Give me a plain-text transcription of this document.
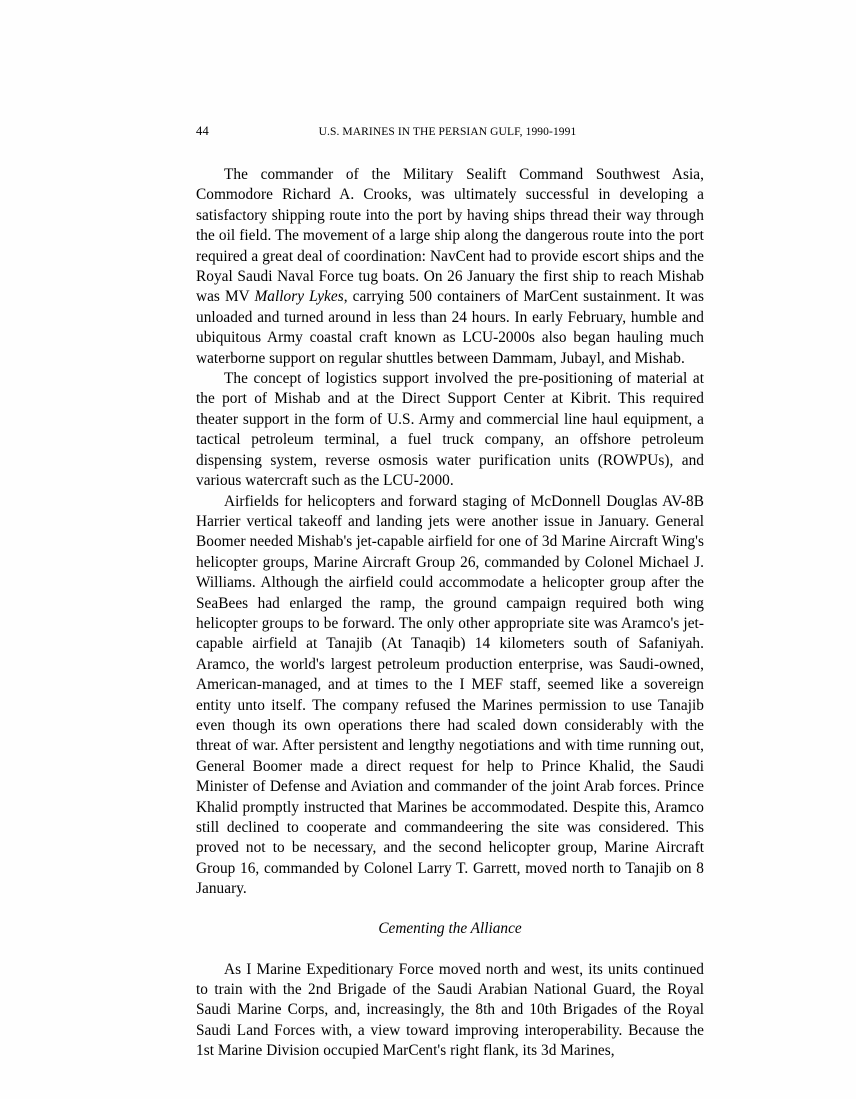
44	U.S. MARINES IN THE PERSIAN GULF, 1990-1991

The commander of the Military Sealift Command Southwest Asia, Commodore Richard A. Crooks, was ultimately successful in developing a satisfactory shipping route into the port by having ships thread their way through the oil field. The movement of a large ship along the dangerous route into the port required a great deal of coordination: NavCent had to provide escort ships and the Royal Saudi Naval Force tug boats. On 26 January the first ship to reach Mishab was MV Mallory Lykes, carrying 500 containers of MarCent sustainment. It was unloaded and turned around in less than 24 hours. In early February, humble and ubiquitous Army coastal craft known as LCU-2000s also began hauling much waterborne support on regular shuttles between Dammam, Jubayl, and Mishab.

The concept of logistics support involved the pre-positioning of material at the port of Mishab and at the Direct Support Center at Kibrit. This required theater support in the form of U.S. Army and commercial line haul equipment, a tactical petroleum terminal, a fuel truck company, an offshore petroleum dispensing system, reverse osmosis water purification units (ROWPUs), and various watercraft such as the LCU-2000.

Airfields for helicopters and forward staging of McDonnell Douglas AV-8B Harrier vertical takeoff and landing jets were another issue in January. General Boomer needed Mishab's jet-capable airfield for one of 3d Marine Aircraft Wing's helicopter groups, Marine Aircraft Group 26, commanded by Colonel Michael J. Williams. Although the airfield could accommodate a helicopter group after the SeaBees had enlarged the ramp, the ground campaign required both wing helicopter groups to be forward. The only other appropriate site was Aramco's jet-capable airfield at Tanajib (At Tanaqib) 14 kilometers south of Safaniyah. Aramco, the world's largest petroleum production enterprise, was Saudi-owned, American-managed, and at times to the I MEF staff, seemed like a sovereign entity unto itself. The company refused the Marines permission to use Tanajib even though its own operations there had scaled down considerably with the threat of war. After persistent and lengthy negotiations and with time running out, General Boomer made a direct request for help to Prince Khalid, the Saudi Minister of Defense and Aviation and commander of the joint Arab forces. Prince Khalid promptly instructed that Marines be accommodated. Despite this, Aramco still declined to cooperate and commandeering the site was considered. This proved not to be necessary, and the second helicopter group, Marine Aircraft Group 16, commanded by Colonel Larry T. Garrett, moved north to Tanajib on 8 January.

Cementing the Alliance

As I Marine Expeditionary Force moved north and west, its units continued to train with the 2nd Brigade of the Saudi Arabian National Guard, the Royal Saudi Marine Corps, and, increasingly, the 8th and 10th Brigades of the Royal Saudi Land Forces with, a view toward improving interoperability. Because the 1st Marine Division occupied MarCent's right flank, its 3d Marines,
